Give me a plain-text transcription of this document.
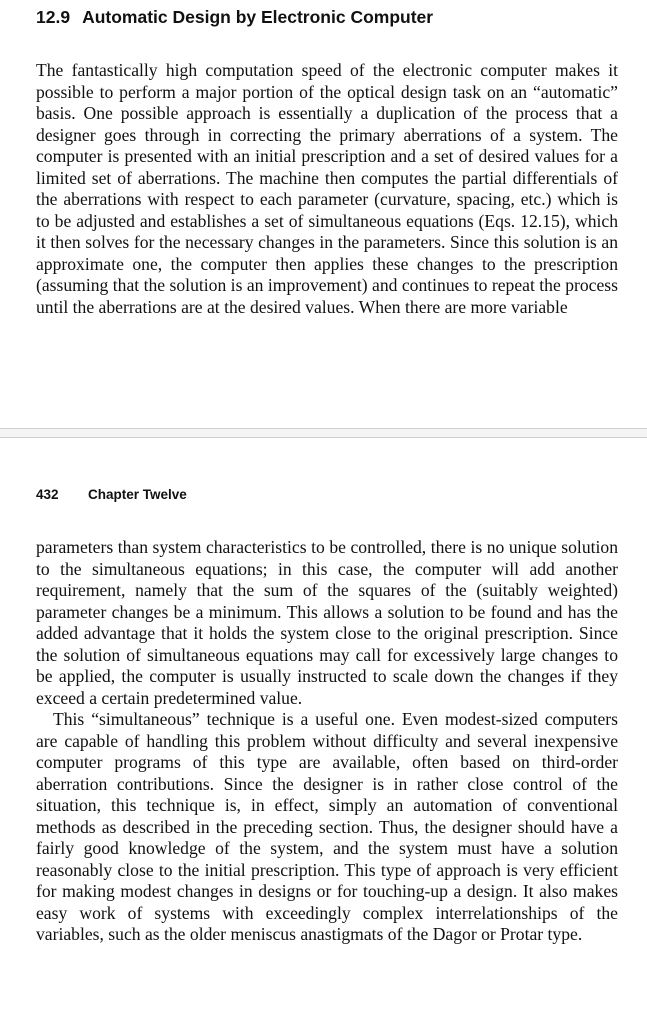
12.9 Automatic Design by Electronic Computer

The fantastically high computation speed of the electronic computer makes it possible to perform a major portion of the optical design task on an “automatic” basis. One possible approach is essentially a duplication of the process that a designer goes through in correcting the primary aberrations of a system. The computer is presented with an initial prescription and a set of desired values for a limited set of aberrations. The machine then computes the partial differentials of the aberrations with respect to each parameter (curvature, spacing, etc.) which is to be adjusted and establishes a set of simultaneous equations (Eqs. 12.15), which it then solves for the necessary changes in the parameters. Since this solution is an approximate one, the computer then applies these changes to the prescription (assuming that the solution is an improvement) and continues to repeat the process until the aberrations are at the desired values. When there are more variable

432 Chapter Twelve

parameters than system characteristics to be controlled, there is no unique solution to the simultaneous equations; in this case, the computer will add another requirement, namely that the sum of the squares of the (suitably weighted) parameter changes be a minimum. This allows a solution to be found and has the added advantage that it holds the system close to the original prescription. Since the solution of simultaneous equations may call for excessively large changes to be applied, the computer is usually instructed to scale down the changes if they exceed a certain predetermined value.

This “simultaneous” technique is a useful one. Even modest-sized computers are capable of handling this problem without difficulty and several inexpensive computer programs of this type are available, often based on third-order aberration contributions. Since the designer is in rather close control of the situation, this technique is, in effect, simply an automation of conventional methods as described in the preceding section. Thus, the designer should have a fairly good knowledge of the system, and the system must have a solution reasonably close to the initial prescription. This type of approach is very efficient for making modest changes in designs or for touching-up a design. It also makes easy work of systems with exceedingly complex interrelationships of the variables, such as the older meniscus anastigmats of the Dagor or Protar type.
